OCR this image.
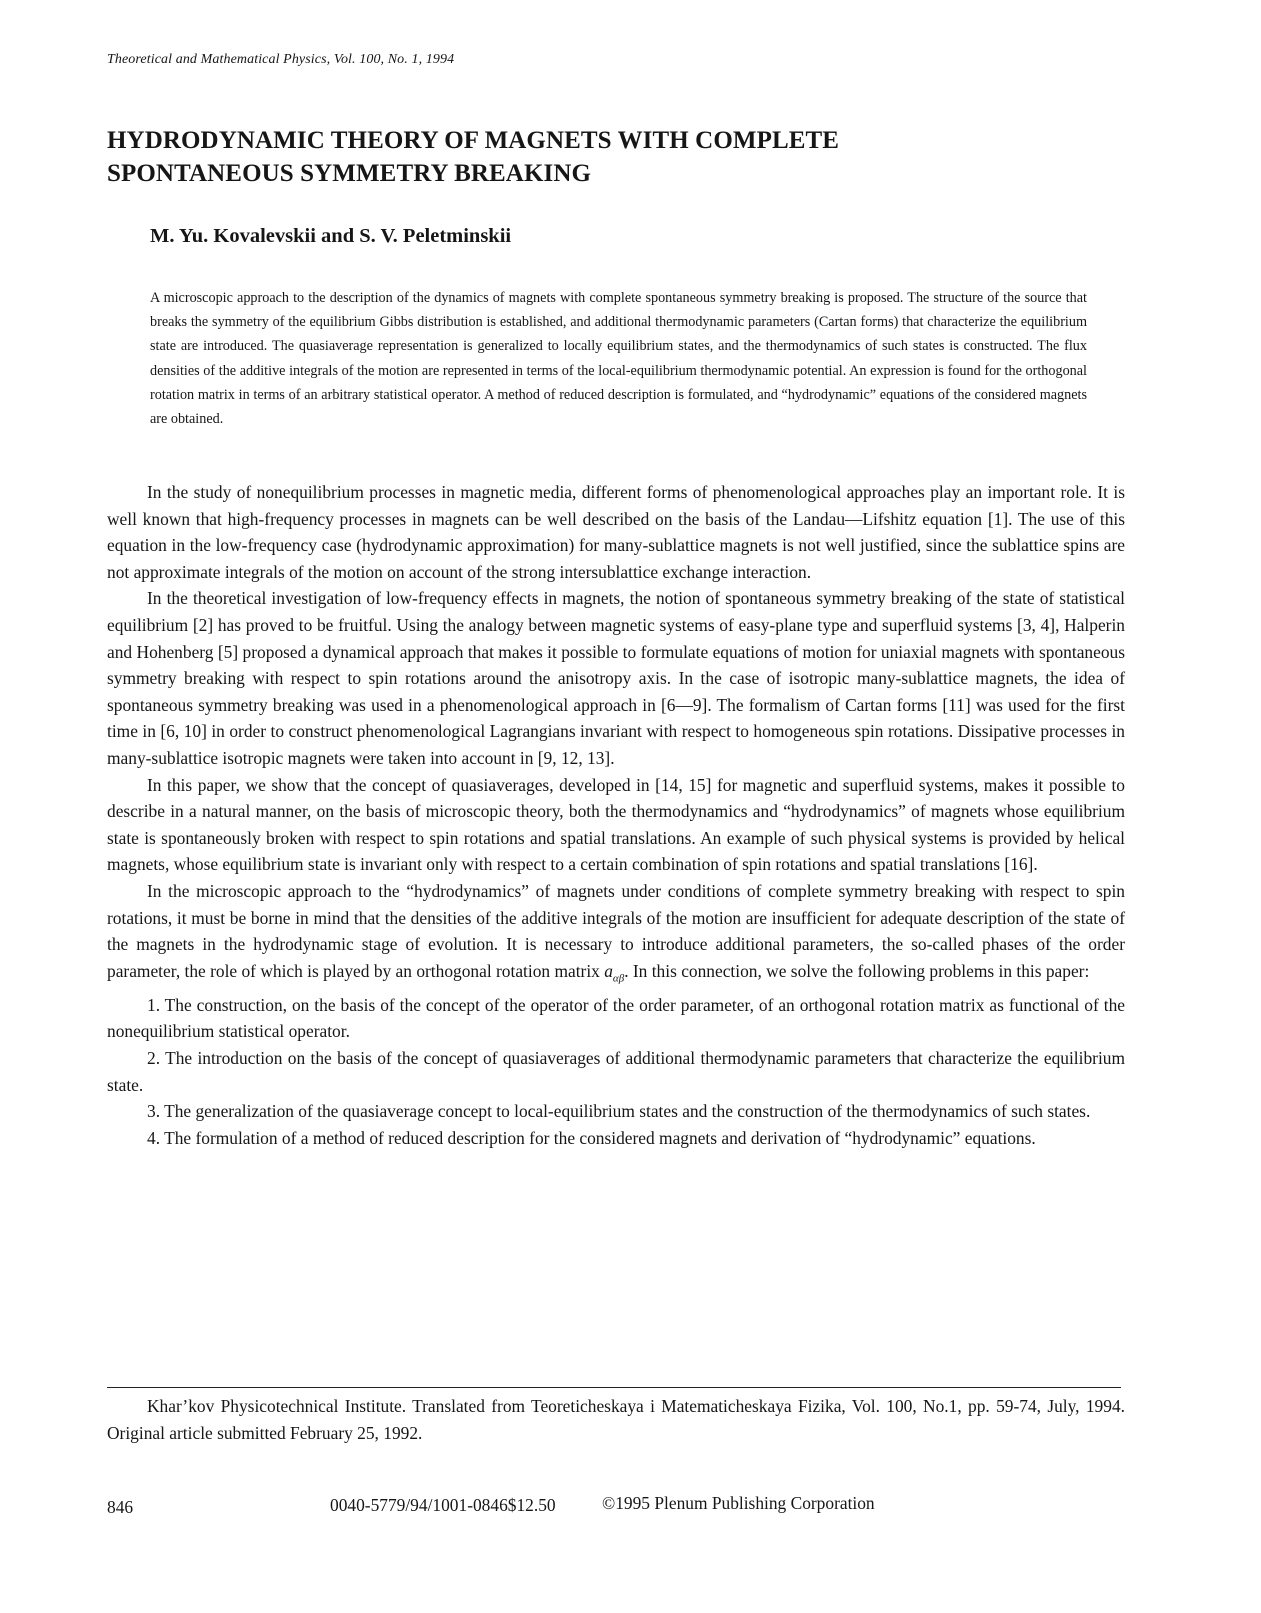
Theoretical and Mathematical Physics, Vol. 100, No. 1, 1994
HYDRODYNAMIC THEORY OF MAGNETS WITH COMPLETE
SPONTANEOUS SYMMETRY BREAKING
M. Yu. Kovalevskii and S. V. Peletminskii
A microscopic approach to the description of the dynamics of magnets with complete spontaneous symmetry breaking is proposed. The structure of the source that breaks the symmetry of the equilibrium Gibbs distribution is established, and additional thermodynamic parameters (Cartan forms) that characterize the equilibrium state are introduced. The quasiaverage representation is generalized to locally equilibrium states, and the thermodynamics of such states is constructed. The flux densities of the additive integrals of the motion are represented in terms of the local-equilibrium thermodynamic potential. An expression is found for the orthogonal rotation matrix in terms of an arbitrary statistical operator. A method of reduced description is formulated, and “hydrodynamic” equations of the considered magnets are obtained.

In the study of nonequilibrium processes in magnetic media, different forms of phenomenological approaches play an important role. It is well known that high-frequency processes in magnets can be well described on the basis of the Landau—Lifshitz equation [1]. The use of this equation in the low-frequency case (hydrodynamic approximation) for many-sublattice magnets is not well justified, since the sublattice spins are not approximate integrals of the motion on account of the strong intersublattice exchange interaction.

In the theoretical investigation of low-frequency effects in magnets, the notion of spontaneous symmetry breaking of the state of statistical equilibrium [2] has proved to be fruitful. Using the analogy between magnetic systems of easy-plane type and superfluid systems [3, 4], Halperin and Hohenberg [5] proposed a dynamical approach that makes it possible to formulate equations of motion for uniaxial magnets with spontaneous symmetry breaking with respect to spin rotations around the anisotropy axis. In the case of isotropic many-sublattice magnets, the idea of spontaneous symmetry breaking was used in a phenomenological approach in [6—9]. The formalism of Cartan forms [11] was used for the first time in [6, 10] in order to construct phenomenological Lagrangians invariant with respect to homogeneous spin rotations. Dissipative processes in many-sublattice isotropic magnets were taken into account in [9, 12, 13].

In this paper, we show that the concept of quasiaverages, developed in [14, 15] for magnetic and superfluid systems, makes it possible to describe in a natural manner, on the basis of microscopic theory, both the thermodynamics and “hydrodynamics” of magnets whose equilibrium state is spontaneously broken with respect to spin rotations and spatial translations. An example of such physical systems is provided by helical magnets, whose equilibrium state is invariant only with respect to a certain combination of spin rotations and spatial translations [16].

In the microscopic approach to the “hydrodynamics” of magnets under conditions of complete symmetry breaking with respect to spin rotations, it must be borne in mind that the densities of the additive integrals of the motion are insufficient for adequate description of the state of the magnets in the hydrodynamic stage of evolution. It is necessary to introduce additional parameters, the so-called phases of the order parameter, the role of which is played by an orthogonal rotation matrix $a_{\alpha\beta}$. In this connection, we solve the following problems in this paper:

1. The construction, on the basis of the concept of the operator of the order parameter, of an orthogonal rotation matrix as functional of the nonequilibrium statistical operator.

2. The introduction on the basis of the concept of quasiaverages of additional thermodynamic parameters that characterize the equilibrium state.

3. The generalization of the quasiaverage concept to local-equilibrium states and the construction of the thermodynamics of such states.

4. The formulation of a method of reduced description for the considered magnets and derivation of “hydrodynamic” equations.

Khar’kov Physicotechnical Institute. Translated from Teoreticheskaya i Matematicheskaya Fizika, Vol. 100, No.1, pp. 59-74, July, 1994. Original article submitted February 25, 1992.
846	0040-5779/94/1001-0846$12.50	©1995 Plenum Publishing Corporation
